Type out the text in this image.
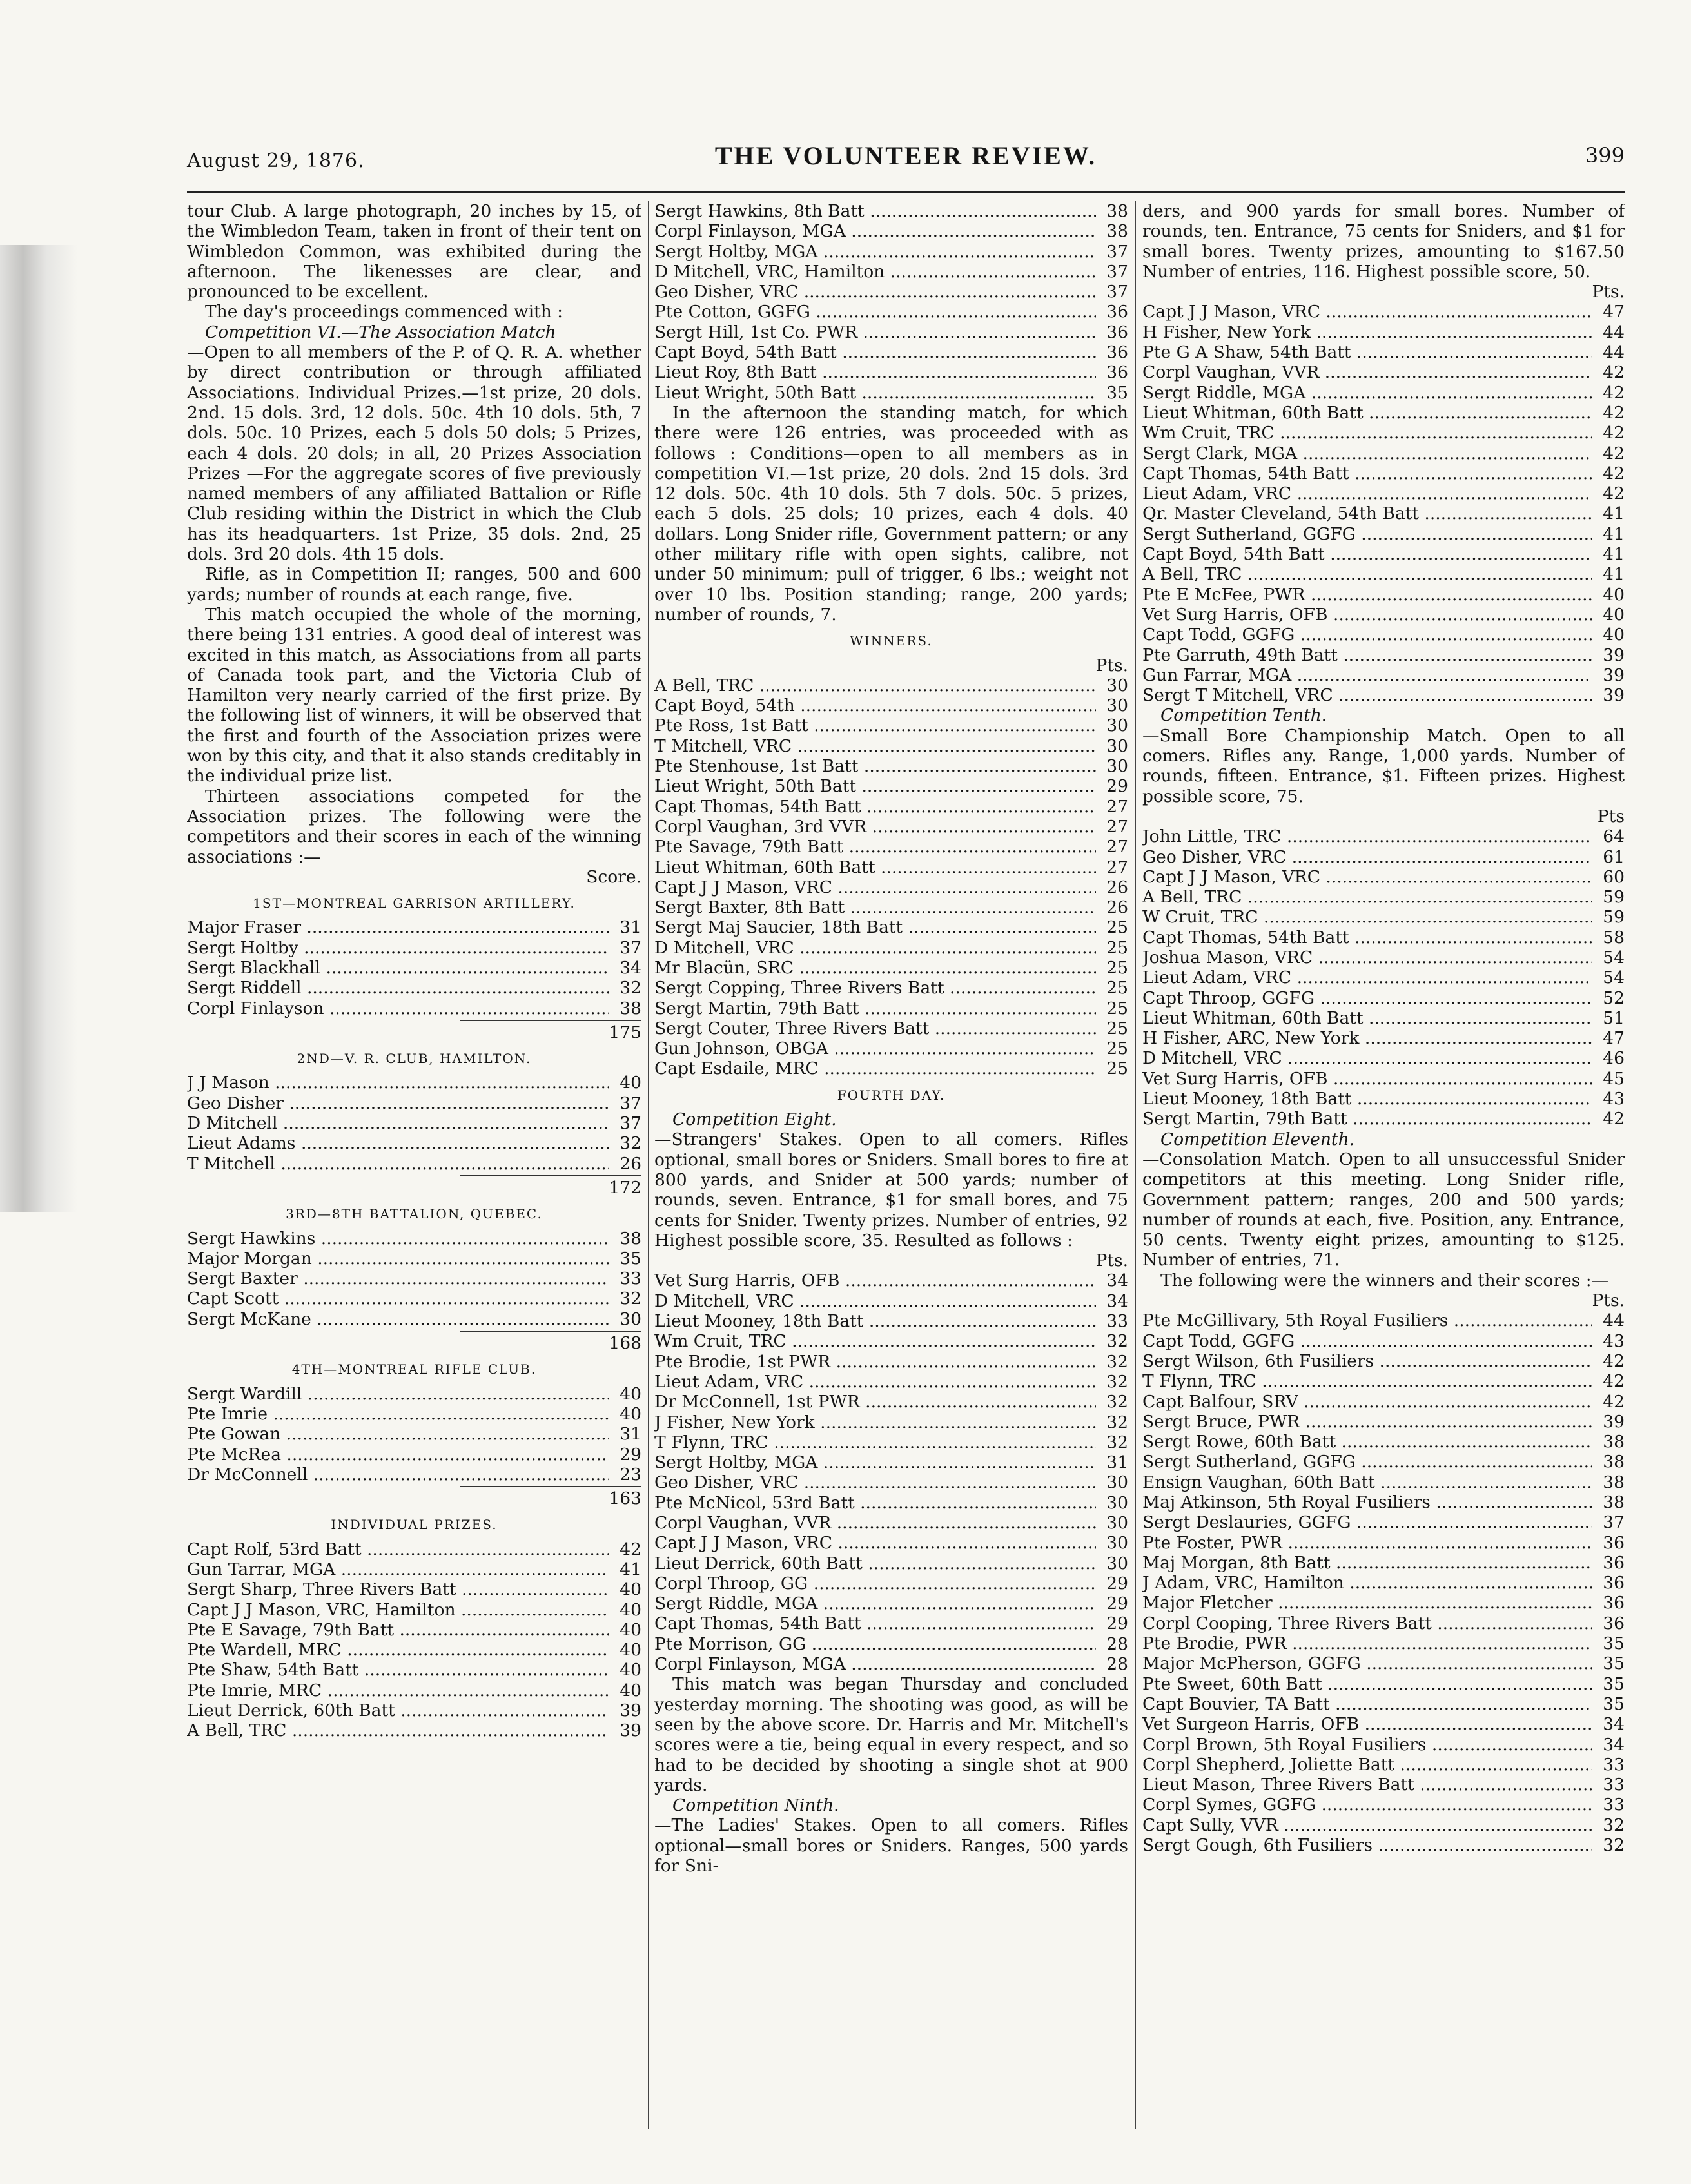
August 29, 1876.	THE VOLUNTEER REVIEW.	399

tour Club. A large photograph, 20 inches by 15, of the Wimbledon Team, taken in front of their tent on Wimbledon Common, was exhibited during the afternoon. The likenesses are clear, and pronounced to be excellent.

The day's proceedings commenced with :

Competition VI.—The Association Match

—Open to all members of the P. of Q. R. A. whether by direct contribution or through affiliated Associations. Individual Prizes.—1st prize, 20 dols. 2nd. 15 dols. 3rd, 12 dols. 50c. 4th 10 dols. 5th, 7 dols. 50c. 10 Prizes, each 5 dols 50 dols; 5 Prizes, each 4 dols. 20 dols; in all, 20 Prizes Association Prizes —For the aggregate scores of five previously named members of any affiliated Battalion or Rifle Club residing within the District in which the Club has its headquarters. 1st Prize, 35 dols. 2nd, 25 dols. 3rd 20 dols. 4th 15 dols.

Rifle, as in Competition II; ranges, 500 and 600 yards; number of rounds at each range, five.

This match occupied the whole of the morning, there being 131 entries. A good deal of interest was excited in this match, as Associations from all parts of Canada took part, and the Victoria Club of Hamilton very nearly carried of the first prize. By the following list of winners, it will be observed that the first and fourth of the Association prizes were won by this city, and that it also stands creditably in the individual prize list.

Thirteen associations competed for the Association prizes. The following were the competitors and their scores in each of the winning associations :—

Score.
1ST—MONTREAL GARRISON ARTILLERY.
Major Fraser .....	31
Sergt Holtby .....	37
Sergt Blackhall .....	34
Sergt Riddell .....	32
Corpl Finlayson .....	38
175
2ND—V. R. CLUB, HAMILTON.
J J Mason .....	40
Geo Disher .....	37
D Mitchell .....	37
Lieut Adams .....	32
T Mitchell .....	26
172
3RD—8TH BATTALION, QUEBEC.
Sergt Hawkins .....	38
Major Morgan .....	35
Sergt Baxter .....	33
Capt Scott .....	32
Sergt McKane .....	30
168
4TH—MONTREAL RIFLE CLUB.
Sergt Wardill .....	40
Pte Imrie .....	40
Pte Gowan .....	31
Pte McRea .....	29
Dr McConnell .....	23
163
INDIVIDUAL PRIZES.
Capt Rolf, 53rd Batt .....	42
Gun Tarrar, MGA .....	41
Sergt Sharp, Three Rivers Batt .....	40
Capt J J Mason, VRC, Hamilton .....	40
Pte E Savage, 79th Batt .....	40
Pte Wardell, MRC .....	40
Pte Shaw, 54th Batt .....	40
Pte Imrie, MRC .....	40
Lieut Derrick, 60th Batt .....	39
A Bell, TRC .....	39
Sergt Hawkins, 8th Batt .....	38
Corpl Finlayson, MGA .....	38
Sergt Holtby, MGA .....	37
D Mitchell, VRC, Hamilton .....	37
Geo Disher, VRC .....	37
Pte Cotton, GGFG .....	36
Sergt Hill, 1st Co. PWR .....	36
Capt Boyd, 54th Batt .....	36
Lieut Roy, 8th Batt .....	36
Lieut Wright, 50th Batt .....	35

In the afternoon the standing match, for which there were 126 entries, was proceeded with as follows : Conditions—open to all members as in competition VI.—1st prize, 20 dols. 2nd 15 dols. 3rd 12 dols. 50c. 4th 10 dols. 5th 7 dols. 50c. 5 prizes, each 5 dols. 25 dols; 10 prizes, each 4 dols. 40 dollars. Long Snider rifle, Government pattern; or any other military rifle with open sights, calibre, not under 50 minimum; pull of trigger, 6 lbs.; weight not over 10 lbs. Position standing; range, 200 yards; number of rounds, 7.

WINNERS.
Pts.
A Bell, TRC .....	30
Capt Boyd, 54th .....	30
Pte Ross, 1st Batt .....	30
T Mitchell, VRC .....	30
Pte Stenhouse, 1st Batt .....	30
Lieut Wright, 50th Batt .....	29
Capt Thomas, 54th Batt .....	27
Corpl Vaughan, 3rd VVR .....	27
Pte Savage, 79th Batt .....	27
Lieut Whitman, 60th Batt .....	27
Capt J J Mason, VRC .....	26
Sergt Baxter, 8th Batt .....	26
Sergt Maj Saucier, 18th Batt .....	25
D Mitchell, VRC .....	25
Mr Blacün, SRC .....	25
Sergt Copping, Three Rivers Batt .....	25
Sergt Martin, 79th Batt .....	25
Sergt Couter, Three Rivers Batt .....	25
Gun Johnson, OBGA .....	25
Capt Esdaile, MRC .....	25
FOURTH DAY.

Competition Eight.

—Strangers' Stakes. Open to all comers. Rifles optional, small bores or Sniders. Small bores to fire at 800 yards, and Snider at 500 yards; number of rounds, seven. Entrance, $1 for small bores, and 75 cents for Snider. Twenty prizes. Number of entries, 92 Highest possible score, 35. Resulted as follows :

Pts.
Vet Surg Harris, OFB .....	34
D Mitchell, VRC .....	34
Lieut Mooney, 18th Batt .....	33
Wm Cruit, TRC .....	32
Pte Brodie, 1st PWR .....	32
Lieut Adam, VRC .....	32
Dr McConnell, 1st PWR .....	32
J Fisher, New York .....	32
T Flynn, TRC .....	32
Sergt Holtby, MGA .....	31
Geo Disher, VRC .....	30
Pte McNicol, 53rd Batt .....	30
Corpl Vaughan, VVR .....	30
Capt J J Mason, VRC .....	30
Lieut Derrick, 60th Batt .....	30
Corpl Throop, GG .....	29
Sergt Riddle, MGA .....	29
Capt Thomas, 54th Batt .....	29
Pte Morrison, GG .....	28
Corpl Finlayson, MGA .....	28

This match was began Thursday and concluded yesterday morning. The shooting was good, as will be seen by the above score. Dr. Harris and Mr. Mitchell's scores were a tie, being equal in every respect, and so had to be decided by shooting a single shot at 900 yards.

Competition Ninth.

—The Ladies' Stakes. Open to all comers. Rifles optional—small bores or Sniders. Ranges, 500 yards for Sni-

ders, and 900 yards for small bores. Number of rounds, ten. Entrance, 75 cents for Sniders, and $1 for small bores. Twenty prizes, amounting to $167.50 Number of entries, 116. Highest possible score, 50.

Pts.
Capt J J Mason, VRC .....	47
H Fisher, New York .....	44
Pte G A Shaw, 54th Batt .....	44
Corpl Vaughan, VVR .....	42
Sergt Riddle, MGA .....	42
Lieut Whitman, 60th Batt .....	42
Wm Cruit, TRC .....	42
Sergt Clark, MGA .....	42
Capt Thomas, 54th Batt .....	42
Lieut Adam, VRC .....	42
Qr. Master Cleveland, 54th Batt .....	41
Sergt Sutherland, GGFG .....	41
Capt Boyd, 54th Batt .....	41
A Bell, TRC .....	41
Pte E McFee, PWR .....	40
Vet Surg Harris, OFB .....	40
Capt Todd, GGFG .....	40
Pte Garruth, 49th Batt .....	39
Gun Farrar, MGA .....	39
Sergt T Mitchell, VRC .....	39

Competition Tenth.

—Small Bore Championship Match. Open to all comers. Rifles any. Range, 1,000 yards. Number of rounds, fifteen. Entrance, $1. Fifteen prizes. Highest possible score, 75.

Pts
John Little, TRC .....	64
Geo Disher, VRC .....	61
Capt J J Mason, VRC .....	60
A Bell, TRC .....	59
W Cruit, TRC .....	59
Capt Thomas, 54th Batt .....	58
Joshua Mason, VRC .....	54
Lieut Adam, VRC .....	54
Capt Throop, GGFG .....	52
Lieut Whitman, 60th Batt .....	51
H Fisher, ARC, New York .....	47
D Mitchell, VRC .....	46
Vet Surg Harris, OFB .....	45
Lieut Mooney, 18th Batt .....	43
Sergt Martin, 79th Batt .....	42

Competition Eleventh.

—Consolation Match. Open to all unsuccessful Snider competitors at this meeting. Long Snider rifle, Government pattern; ranges, 200 and 500 yards; number of rounds at each, five. Position, any. Entrance, 50 cents. Twenty eight prizes, amounting to $125. Number of entries, 71.

The following were the winners and their scores :—

Pts.
Pte McGillivary, 5th Royal Fusiliers .....	44
Capt Todd, GGFG .....	43
Sergt Wilson, 6th Fusiliers .....	42
T Flynn, TRC .....	42
Capt Balfour, SRV .....	42
Sergt Bruce, PWR .....	39
Sergt Rowe, 60th Batt .....	38
Sergt Sutherland, GGFG .....	38
Ensign Vaughan, 60th Batt .....	38
Maj Atkinson, 5th Royal Fusiliers .....	38
Sergt Deslauries, GGFG .....	37
Pte Foster, PWR .....	36
Maj Morgan, 8th Batt .....	36
J Adam, VRC, Hamilton .....	36
Major Fletcher .....	36
Corpl Cooping, Three Rivers Batt .....	36
Pte Brodie, PWR .....	35
Major McPherson, GGFG .....	35
Pte Sweet, 60th Batt .....	35
Capt Bouvier, TA Batt .....	35
Vet Surgeon Harris, OFB .....	34
Corpl Brown, 5th Royal Fusiliers .....	34
Corpl Shepherd, Joliette Batt .....	33
Lieut Mason, Three Rivers Batt .....	33
Corpl Symes, GGFG .....	33
Capt Sully, VVR .....	32
Sergt Gough, 6th Fusiliers .....	32
